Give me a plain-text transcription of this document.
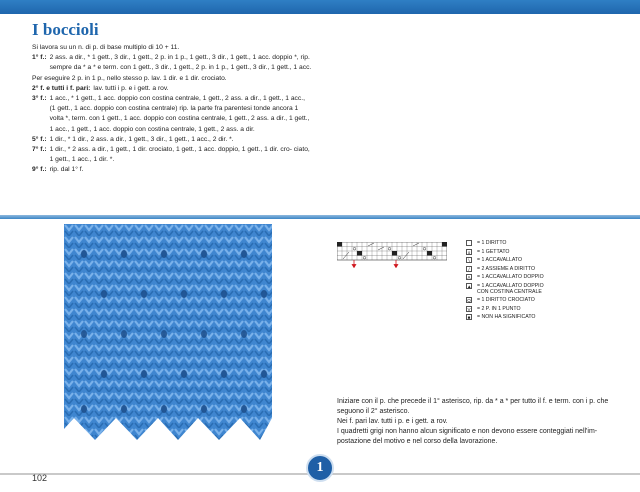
I boccioli

Si lavora su un n. di p. di base multiplo di 10 + 11.

1° f.: 2 ass. a dir., * 1 gett., 3 dir., 1 gett., 2 p. in 1 p., 1 gett., 3 dir., 1 gett., 1 acc. doppio *, rip. sempre da * a * e term. con 1 gett., 3 dir., 1 gett., 2 p. in 1 p., 1 gett., 3 dir., 1 gett., 1 acc.

Per eseguire 2 p. in 1 p., nello stesso p. lav. 1 dir. e 1 dir. crociato.

2° f. e tutti i f. pari: lav. tutti i p. e i gett. a rov.
3° f.: 1 acc., * 1 gett., 1 acc. doppio con costina centrale, 1 gett., 2 ass. a dir., 1 gett., 1 acc., (1 gett., 1 acc. doppio con costina centrale) rip. la parte fra parentesi tonde ancora 1 volta *, term. con 1 gett., 1 acc. doppio con costina centrale, 1 gett., 2 ass. a dir., 1 gett., 1 acc., 1 gett., 1 acc. doppio con costina centrale, 1 gett., 2 ass. a dir.
5° f.: 1 dir., * 1 dir., 2 ass. a dir., 1 gett., 3 dir., 1 gett., 1 acc., 2 dir. *.
7° f.: 1 dir., * 2 ass. a dir., 1 gett., 1 dir. crociato, 1 gett., 1 acc. doppio, 1 gett., 1 dir. cro- ciato, 1 gett., 1 acc., 1 dir. *.
9° f.: rip. dal 1° f.
= 1 DIRITTO
o	= 1 GETTATO
\	= 1 ACCAVALLATO
/	= 2 ASSIEME A DIRITTO
Λ = 1 ACCAVALLATO DOPPIO
▲ = 1 ACCAVALLATO DOPPIO CON COSTINA CENTRALE
Q = 1 DIRITTO CROCIATO
V = 2 P. IN 1 PUNTO
■	= NON HA SIGNIFICATO

Iniziare con il p. che precede il 1° asterisco, rip. da * a * per tutto il f. e term. con i p. che seguono il 2° asterisco.

Nei f. pari lav. tutti i p. e i gett. a rov.

I quadretti grigi non hanno alcun significato e non devono essere conteggiati nell'im- postazione del motivo e nel corso della lavorazione.

102
1
